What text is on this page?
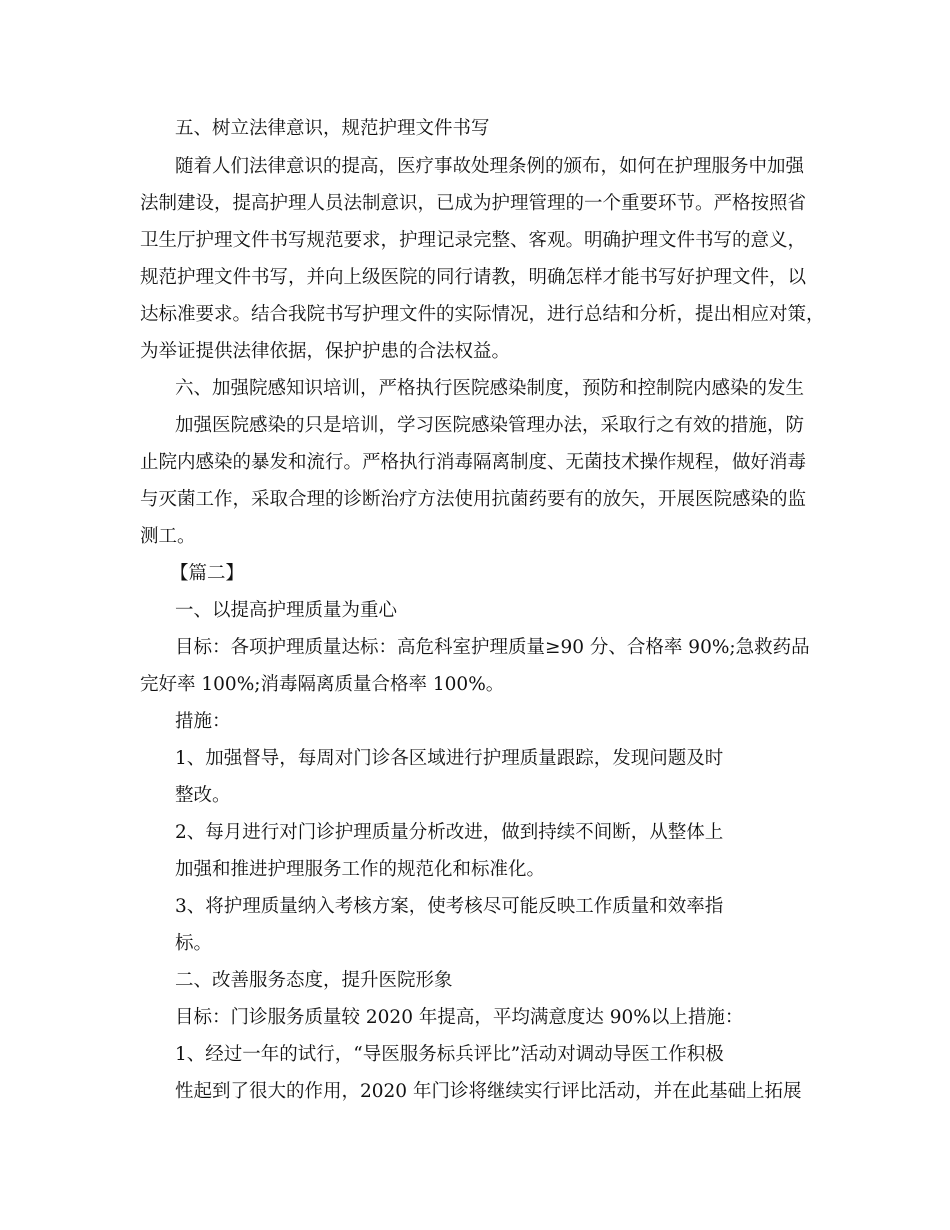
五、树立法律意识，规范护理文件书写
随着人们法律意识的提高，医疗事故处理条例的颁布，如何在护理服务中加强
法制建设，提高护理人员法制意识，已成为护理管理的一个重要环节。严格按照省
卫生厅护理文件书写规范要求，护理记录完整、客观。明确护理文件书写的意义，
规范护理文件书写，并向上级医院的同行请教，明确怎样才能书写好护理文件，以
达标准要求。结合我院书写护理文件的实际情况，进行总结和分析，提出相应对策，
为举证提供法律依据，保护护患的合法权益。
六、加强院感知识培训，严格执行医院感染制度，预防和控制院内感染的发生
加强医院感染的只是培训，学习医院感染管理办法，采取行之有效的措施，防
止院内感染的暴发和流行。严格执行消毒隔离制度、无菌技术操作规程，做好消毒
与灭菌工作，采取合理的诊断治疗方法使用抗菌药要有的放矢，开展医院感染的监
测工。
【篇二】
一、以提高护理质量为重心
目标：各项护理质量达标：高危科室护理质量≥90 分、合格率 90%;急救药品
完好率 100%;消毒隔离质量合格率 100%。
措施：
1、加强督导，每周对门诊各区域进行护理质量跟踪，发现问题及时
整改。
2、每月进行对门诊护理质量分析改进，做到持续不间断，从整体上
加强和推进护理服务工作的规范化和标准化。
3、将护理质量纳入考核方案，使考核尽可能反映工作质量和效率指
标。
二、改善服务态度，提升医院形象
目标：门诊服务质量较 2020 年提高，平均满意度达 90%以上措施：
1、经过一年的试行，“导医服务标兵评比”活动对调动导医工作积极
性起到了很大的作用，2020 年门诊将继续实行评比活动，并在此基础上拓展
